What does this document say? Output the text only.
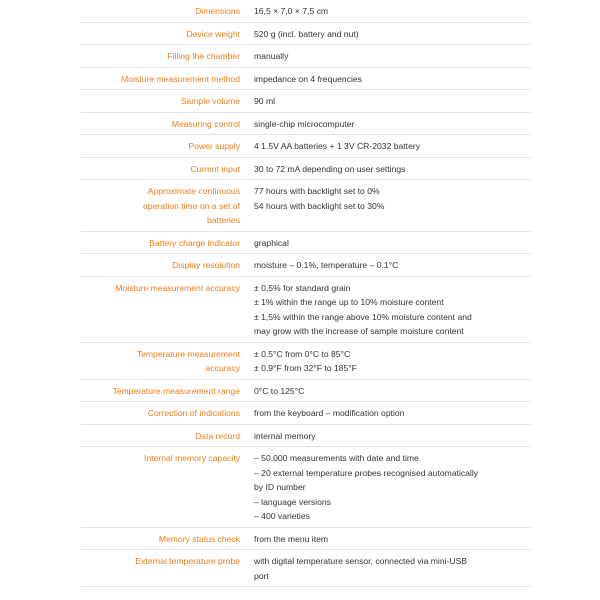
Dimensions	16,5 × 7,0 × 7,5 cm

Device weight	520 g (incl. battery and nut)

Filling the chamber	manually

Moisture measurement method	impedance on 4 frequencies

Sample volume	90 ml

Measuring control	single-chip microcomputer

Power supply	4 1.5V AA batteries + 1 3V CR-2032 battery

Current input	30 to 72 mA depending on user settings

Approximate continuous
operation time on a set of
batteries	77 hours with backlight set to 0%
54 hours with backlight set to 30%

Battery charge indicator	graphical

Display resolution	moisture – 0.1%, temperature – 0.1°C

Moisture measurement accuracy	± 0,5% for standard grain
± 1% within the range up to 10% moisture content
± 1,5% within the range above 10% moisture content and
may grow with the increase of sample moisture content

Temperature measurement
accuracy	± 0.5°C from 0°C to 85°C
± 0.9°F from 32°F to 185°F

Temperature measurement range	0°C to 125°C

Correction of indications	from the keyboard – modification option

Data record	internal memory

Internal memory capacity	– 50,000 measurements with date and time
– 20 external temperature probes recognised automatically
by ID number
– language versions
– 400 varieties

Memory status check	from the menu item

External temperature probe	with digital temperature sensor, connected via mini-USB
port
